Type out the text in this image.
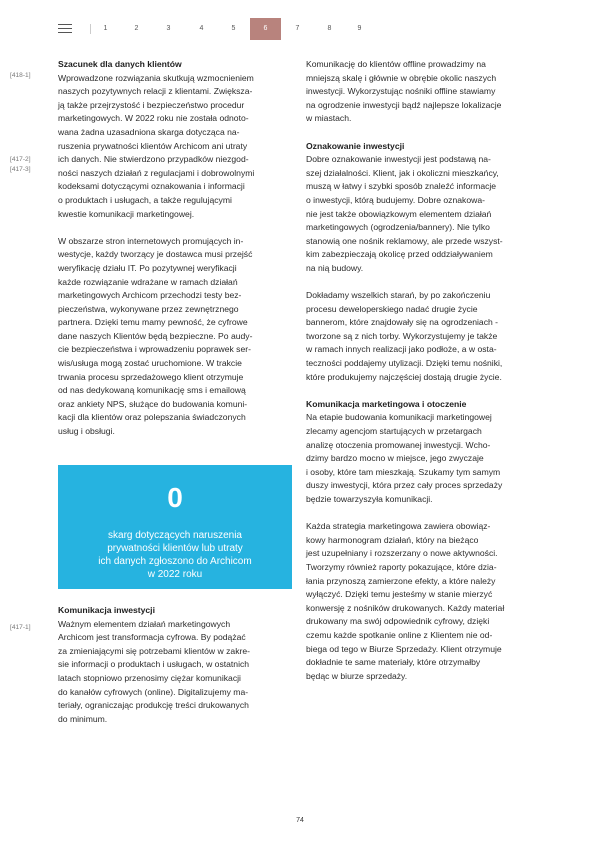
1	2	3	4	5	6	7	8	9
[418-1]
[417-2]
[417-3]
[417-1]
Szacunek dla danych klientów
Wprowadzone rozwiązania skutkują wzmocnieniem
naszych pozytywnych relacji z klientami. Zwiększa-
ją także przejrzystość i bezpieczeństwo procedur
marketingowych. W 2022 roku nie została odnoto-
wana żadna uzasadniona skarga dotycząca na-
ruszenia prywatności klientów Archicom ani utraty
ich danych. Nie stwierdzono przypadków niezgod-
ności naszych działań z regulacjami i dobrowolnymi
kodeksami dotyczącymi oznakowania i informacji
o produktach i usługach, a także regulującymi
kwestie komunikacji marketingowej.
W obszarze stron internetowych promujących in-
westycje, każdy tworzący je dostawca musi przejść
weryfikację działu IT. Po pozytywnej weryfikacji
każde rozwiązanie wdrażane w ramach działań
marketingowych Archicom przechodzi testy bez-
pieczeństwa, wykonywane przez zewnętrznego
partnera. Dzięki temu mamy pewność, że cyfrowe
dane naszych Klientów będą bezpieczne. Po audy-
cie bezpieczeństwa i wprowadzeniu poprawek ser-
wis/usługa mogą zostać uruchomione. W trakcie
trwania procesu sprzedażowego klient otrzymuje
od nas dedykowaną komunikację sms i emailową
oraz ankiety NPS, służące do budowania komuni-
kacji dla klientów oraz polepszania świadczonych
usług i obsługi.
0
skarg dotyczących naruszenia
prywatności klientów lub utraty
ich danych zgłoszono do Archicom
w 2022 roku
Komunikacja inwestycji
Ważnym elementem działań marketingowych
Archicom jest transformacja cyfrowa. By podążać
za zmieniającymi się potrzebami klientów w zakre-
sie informacji o produktach i usługach, w ostatnich
latach stopniowo przenosimy ciężar komunikacji
do kanałów cyfrowych (online). Digitalizujemy ma-
teriały, ograniczając produkcję treści drukowanych
do minimum.
Komunikację do klientów offline prowadzimy na
mniejszą skalę i głównie w obrębie okolic naszych
inwestycji. Wykorzystując nośniki offline stawiamy
na ogrodzenie inwestycji bądź najlepsze lokalizacje
w miastach.
Oznakowanie inwestycji
Dobre oznakowanie inwestycji jest podstawą na-
szej działalności. Klient, jak i okoliczni mieszkańcy,
muszą w łatwy i szybki sposób znaleźć informacje
o inwestycji, którą budujemy. Dobre oznakowa-
nie jest także obowiązkowym elementem działań
marketingowych (ogrodzenia/bannery). Nie tylko
stanowią one nośnik reklamowy, ale przede wszyst-
kim zabezpieczają okolicę przed oddziaływaniem
na nią budowy.
Dokładamy wszelkich starań, by po zakończeniu
procesu deweloperskiego nadać drugie życie
bannerom, które znajdowały się na ogrodzeniach -
tworzone są z nich torby. Wykorzystujemy je także
w ramach innych realizacji jako podłoże, a w osta-
teczności poddajemy utylizacji. Dzięki temu nośniki,
które produkujemy najczęściej dostają drugie życie.
Komunikacja marketingowa i otoczenie
Na etapie budowania komunikacji marketingowej
zlecamy agencjom startujących w przetargach
analizę otoczenia promowanej inwestycji. Wcho-
dzimy bardzo mocno w miejsce, jego zwyczaje
i osoby, które tam mieszkają. Szukamy tym samym
duszy inwestycji, która przez cały proces sprzedaży
będzie towarzyszyła komunikacji.
Każda strategia marketingowa zawiera obowiąz-
kowy harmonogram działań, który na bieżąco
jest uzupełniany i rozszerzany o nowe aktywności.
Tworzymy również raporty pokazujące, które dzia-
łania przynoszą zamierzone efekty, a które należy
wyłączyć. Dzięki temu jesteśmy w stanie mierzyć
konwersję z nośników drukowanych. Każdy materiał
drukowany ma swój odpowiednik cyfrowy, dzięki
czemu każde spotkanie online z Klientem nie od-
biega od tego w Biurze Sprzedaży. Klient otrzymuje
dokładnie te same materiały, które otrzymałby
będąc w biurze sprzedaży.
74
